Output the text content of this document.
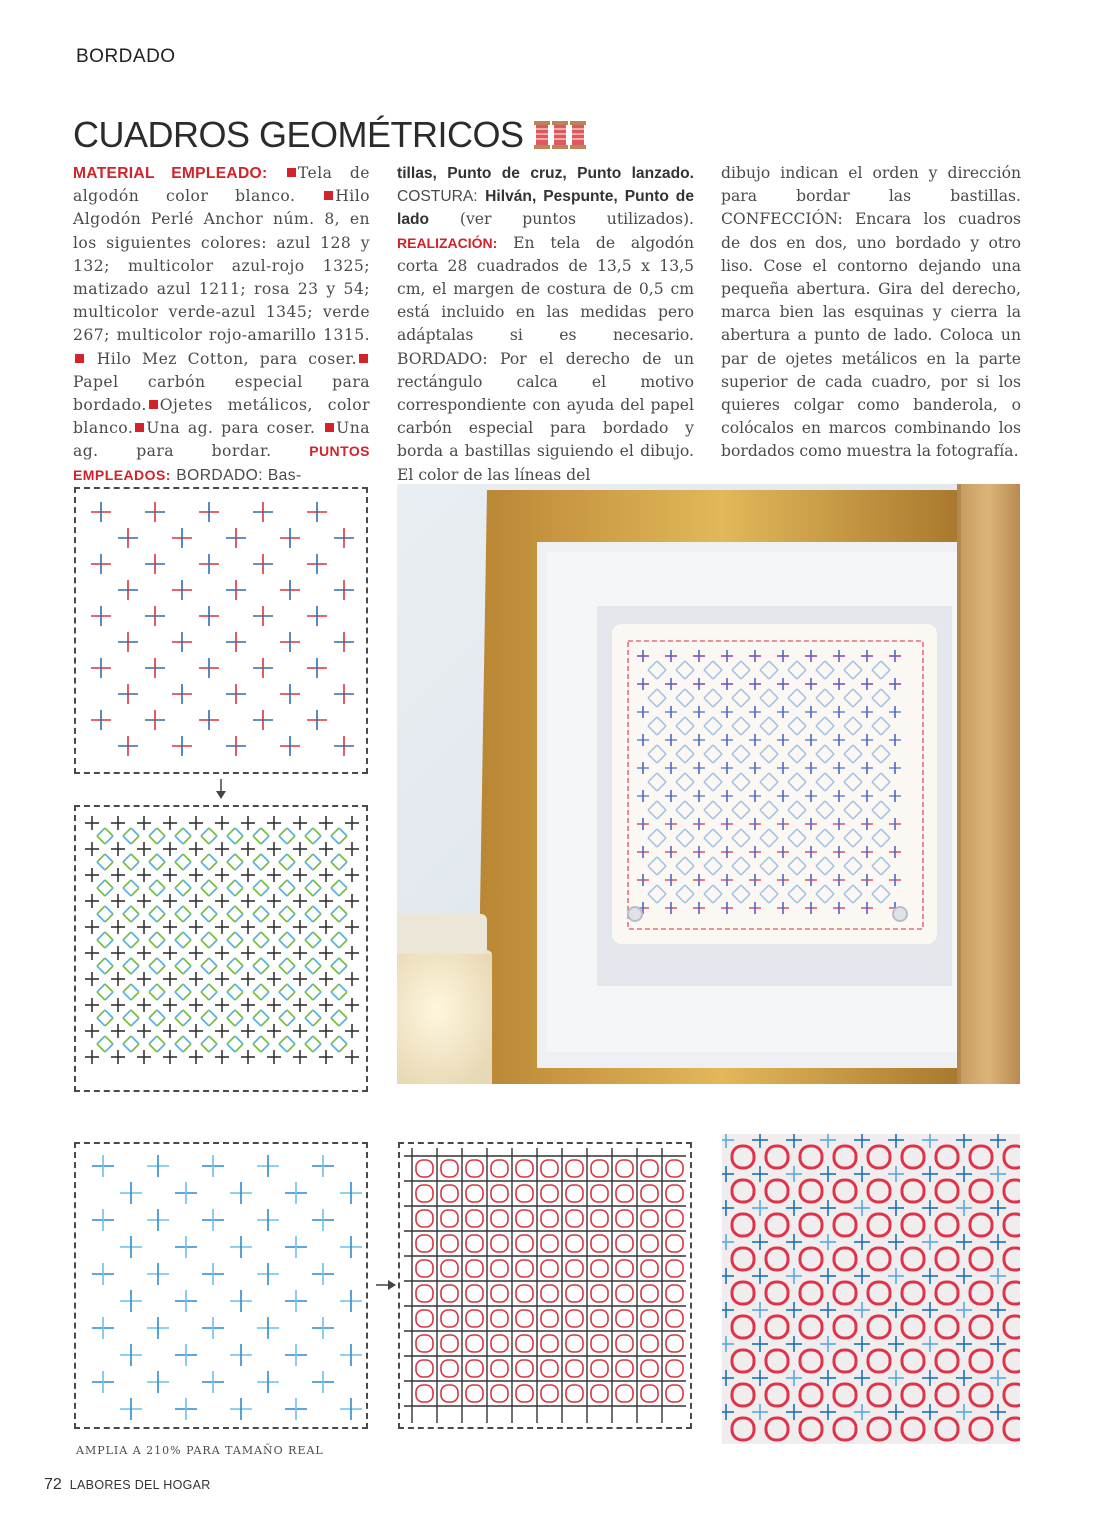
BORDADO
CUADROS GEOMÉTRICOS

MATERIAL EMPLEADO: Tela de algodón color blanco.	Hilo Algodón Perlé Anchor núm. 8, en los siguientes colores: azul 128 y 132; multicolor azul-rojo 1325; matizado azul 1211; rosa 23 y 54; multicolor verde-azul 1345; verde 267; multicolor rojo-amarillo 1315. Hilo Mez Cotton, para coser.Papel carbón especial para bordado. Ojetes metálicos, color blanco. Una ag. para coser. Una ag. para bordar.	PUNTOS EMPLEADOS: BORDADO: Bas-

tillas, Punto de cruz, Punto lanzado. COSTURA: Hilván, Pespunte, Punto de lado (ver puntos utilizados). REALIZACIÓN: En tela de algodón corta 28 cuadrados de 13,5 x 13,5 cm, el margen de costura de 0,5 cm está incluido en las medidas pero adáptalas si es necesario. BORDADO: Por el derecho de un rectángulo calca el motivo correspondiente con ayuda del papel carbón especial para bordado y borda a bastillas siguiendo el dibujo. El color de las líneas del

dibujo indican el orden y dirección para bordar las bastillas. CONFECCIÓN: Encara los cuadros de dos en dos, uno bordado y otro liso. Cose el contorno dejando una pequeña abertura. Gira del derecho, marca bien las esquinas y cierra la abertura a punto de lado. Coloca un par de ojetes metálicos en la parte superior de cada cuadro, por si los quieres colgar como banderola, o colócalos en marcos combinando los bordados como muestra la fotografía.

AMPLIA A 210% PARA TAMAÑO REAL
72 LABORES DEL HOGAR
